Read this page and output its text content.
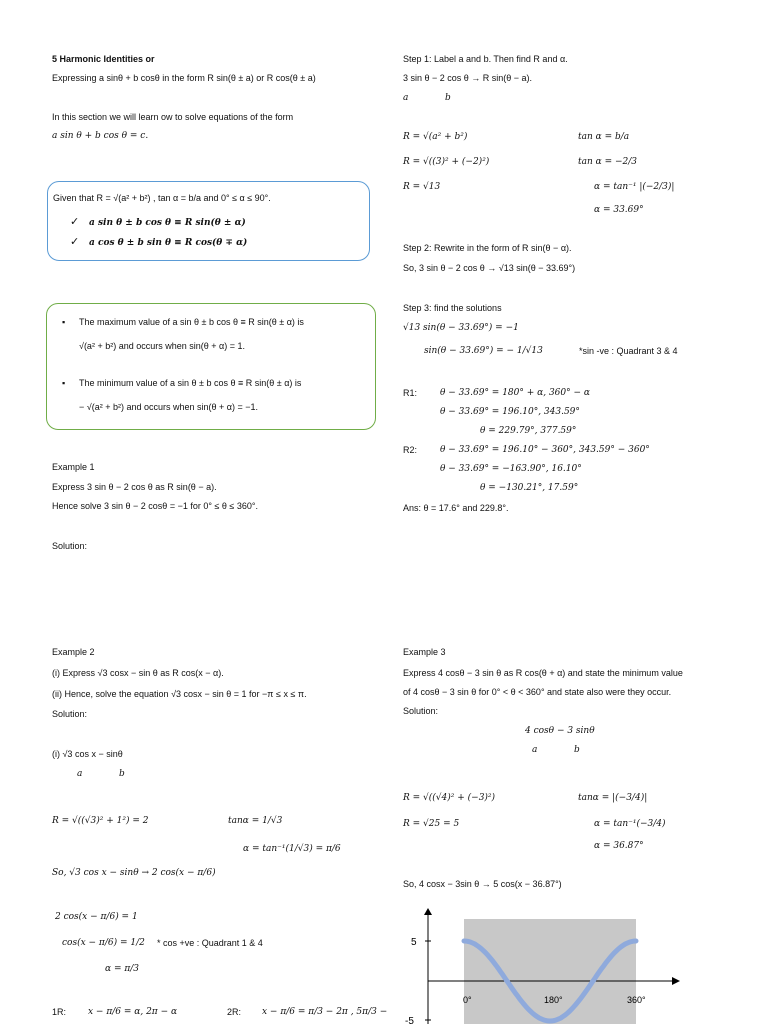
5 Harmonic Identities or
Expressing a sinθ + b cosθ in the form R sin(θ ± a) or R cos(θ ± a)
In this section we will learn ow to solve equations of the form
a sin θ + b cos θ = c.
Given that R = √(a² + b²) , tan α = b/a and 0° ≤ α ≤ 90°.
✓ a sin θ ± b cos θ ≡ R sin(θ ± α)
✓ a cos θ ± b sin θ ≡ R cos(θ ∓ α)
▪ The maximum value of a sin θ ± b cos θ ≡ R sin(θ ± α) is
√(a² + b²) and occurs when sin(θ + α) = 1.
▪ The minimum value of a sin θ ± b cos θ ≡ R sin(θ ± α) is
− √(a² + b²) and occurs when sin(θ + α) = −1.
Example 1
Express 3 sin θ − 2 cos θ as R sin(θ − a).
Hence solve 3 sin θ − 2 cosθ = −1 for 0° ≤ θ ≤ 360°.
Solution:
Example 2
(i) Express √3 cosx − sin θ as R cos(x − α).
(ii) Hence, solve the equation √3 cosx − sin θ = 1 for −π ≤ x ≤ π.
Solution:
(i) √3 cos x − sinθ
a	b
R = √((√3)² + 1²) = 2	tanα = 1/√3
α = tan⁻¹(1/√3) = π/6
So, √3 cos x − sinθ → 2 cos(x − π/6)
2 cos(x − π/6) = 1
cos(x − π/6) = 1/2 * cos +ve : Quadrant 1 & 4
α = π/3
1R: x − π/6 = α, 2π − α	2R: x − π/6 = π/3 − 2π , 5π/3 −
Step 1: Label a and b. Then find R and α.
3 sin θ − 2 cos θ → R sin(θ − a).
a	b
R = √(a² + b²)
R = √((3)² + (−2)²)
R = √13
tan α = b/a
tan α = −2/3
α = tan⁻¹ |(−2/3)|
α = 33.69°
Step 2: Rewrite in the form of R sin(θ − α).
So, 3 sin θ − 2 cos θ → √13 sin(θ − 33.69°)
Step 3: find the solutions
√13 sin(θ − 33.69°) = −1
sin(θ − 33.69°) = − 1/√13	*sin -ve : Quadrant 3 & 4
R1:	θ − 33.69° = 180° + α, 360° − α
θ − 33.69° = 196.10°, 343.59°
θ = 229.79°, 377.59°
R2:	θ − 33.69° = 196.10° − 360°, 343.59° − 360°
θ − 33.69° = −163.90°, 16.10°
θ = −130.21°, 17.59°
Ans: θ = 17.6° and 229.8°.
Example 3
Express 4 cosθ − 3 sin θ as R cos(θ + α) and state the minimum value
of 4 cosθ − 3 sin θ for 0° < θ < 360° and state also were they occur.
Solution:
4 cosθ − 3 sinθ
a	b
R = √((√4)² + (−3)²)
R = √25 = 5
tanα = |(−3/4)|
α = tan⁻¹(−3/4)
α = 36.87°
So, 4 cosx − 3sin θ → 5 cos(x − 36.87°)
5
-5
0°	180°	360°
